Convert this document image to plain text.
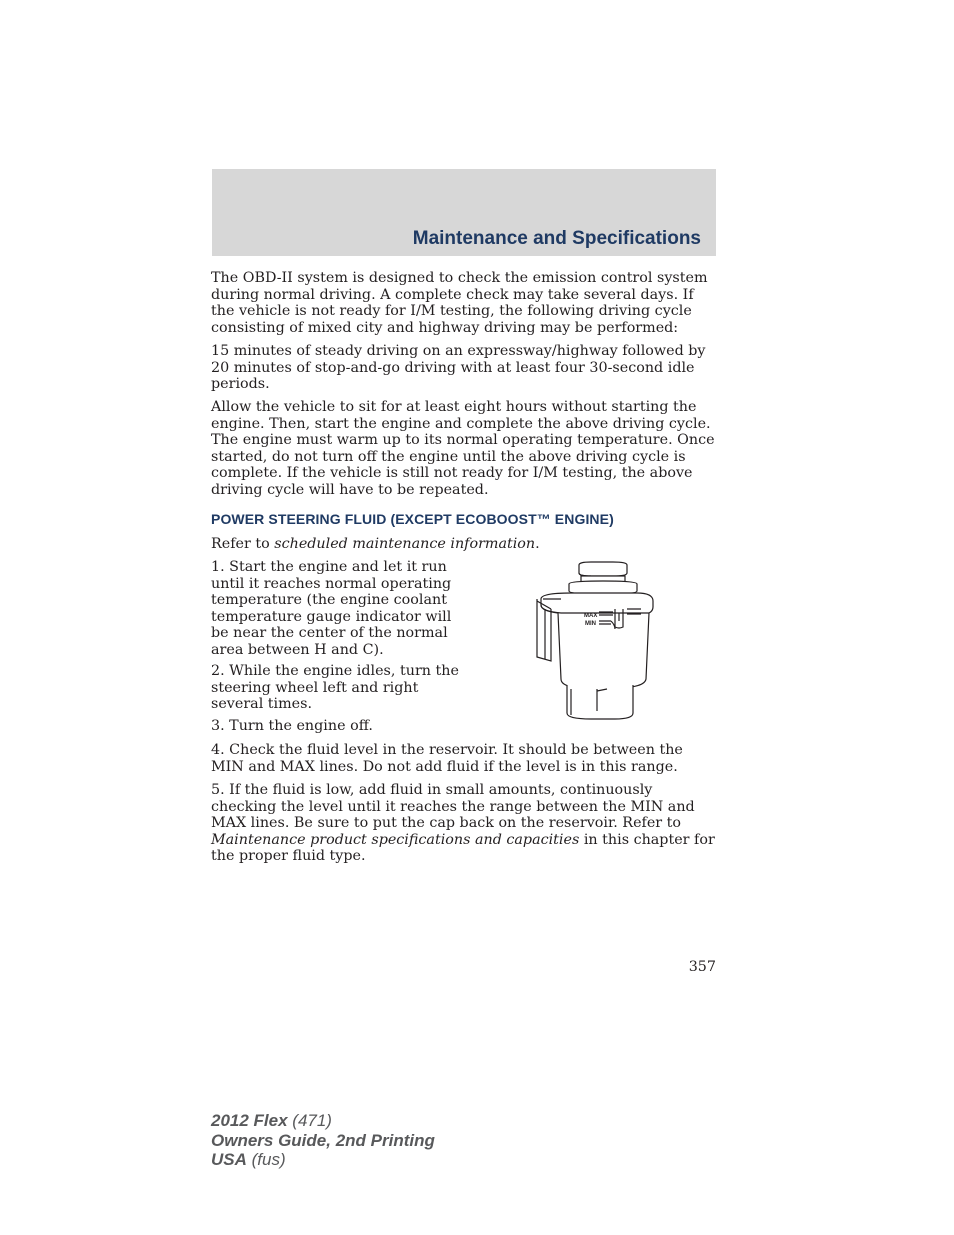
Maintenance and Specifications

The OBD-II system is designed to check the emission control system during normal driving. A complete check may take several days. If the vehicle is not ready for I/M testing, the following driving cycle consisting of mixed city and highway driving may be performed:

15 minutes of steady driving on an expressway/highway followed by 20 minutes of stop-and-go driving with at least four 30-second idle periods.

Allow the vehicle to sit for at least eight hours without starting the engine. Then, start the engine and complete the above driving cycle. The engine must warm up to its normal operating temperature. Once started, do not turn off the engine until the above driving cycle is complete. If the vehicle is still not ready for I/M testing, the above driving cycle will have to be repeated.

POWER STEERING FLUID (EXCEPT ECOBOOST™ ENGINE)

Refer to scheduled maintenance information.

1. Start the engine and let it run until it reaches normal operating temperature (the engine coolant temperature gauge indicator will be near the center of the normal area between H and C).

2. While the engine idles, turn the steering wheel left and right several times.

3. Turn the engine off.

4. Check the fluid level in the reservoir. It should be between the MIN and MAX lines. Do not add fluid if the level is in this range.

5. If the fluid is low, add fluid in small amounts, continuously checking the level until it reaches the range between the MIN and MAX lines. Be sure to put the cap back on the reservoir. Refer to Maintenance product specifications and capacities in this chapter for the proper fluid type.

MAX
MIN
357
2012 Flex (471)
Owners Guide, 2nd Printing
USA (fus)
